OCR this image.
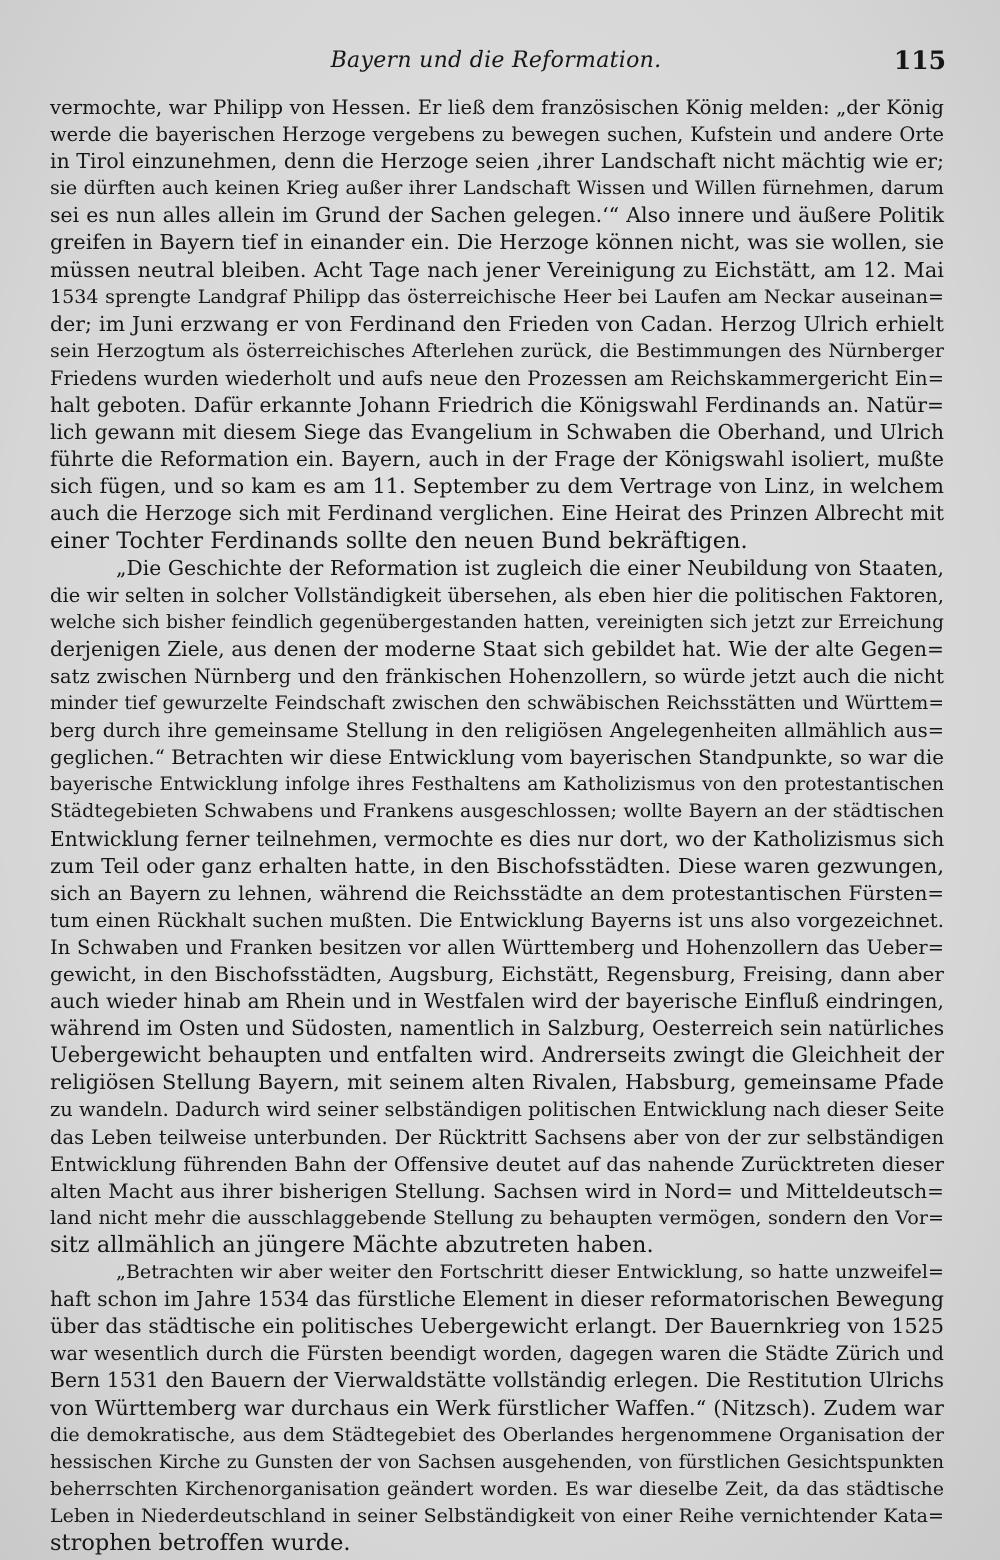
Bayern und die Reformation.	115
vermochte, war Philipp von Hessen. Er ließ dem französischen König melden: „der König
werde die bayerischen Herzoge vergebens zu bewegen suchen, Kufstein und andere Orte
in Tirol einzunehmen, denn die Herzoge seien ‚ihrer Landschaft nicht mächtig wie er;
sie dürften auch keinen Krieg außer ihrer Landschaft Wissen und Willen fürnehmen, darum
sei es nun alles allein im Grund der Sachen gelegen.‘“ Also innere und äußere Politik
greifen in Bayern tief in einander ein. Die Herzoge können nicht, was sie wollen, sie
müssen neutral bleiben. Acht Tage nach jener Vereinigung zu Eichstätt, am 12. Mai
1534 sprengte Landgraf Philipp das österreichische Heer bei Laufen am Neckar auseinan=
der; im Juni erzwang er von Ferdinand den Frieden von Cadan. Herzog Ulrich erhielt
sein Herzogtum als österreichisches Afterlehen zurück, die Bestimmungen des Nürnberger
Friedens wurden wiederholt und aufs neue den Prozessen am Reichskammergericht Ein=
halt geboten. Dafür erkannte Johann Friedrich die Königswahl Ferdinands an. Natür=
lich gewann mit diesem Siege das Evangelium in Schwaben die Oberhand, und Ulrich
führte die Reformation ein. Bayern, auch in der Frage der Königswahl isoliert, mußte
sich fügen, und so kam es am 11. September zu dem Vertrage von Linz, in welchem
auch die Herzoge sich mit Ferdinand verglichen. Eine Heirat des Prinzen Albrecht mit
einer Tochter Ferdinands sollte den neuen Bund bekräftigen.
„Die Geschichte der Reformation ist zugleich die einer Neubildung von Staaten,
die wir selten in solcher Vollständigkeit übersehen, als eben hier die politischen Faktoren,
welche sich bisher feindlich gegenübergestanden hatten, vereinigten sich jetzt zur Erreichung
derjenigen Ziele, aus denen der moderne Staat sich gebildet hat. Wie der alte Gegen=
satz zwischen Nürnberg und den fränkischen Hohenzollern, so würde jetzt auch die nicht
minder tief gewurzelte Feindschaft zwischen den schwäbischen Reichsstätten und Württem=
berg durch ihre gemeinsame Stellung in den religiösen Angelegenheiten allmählich aus=
geglichen.“ Betrachten wir diese Entwicklung vom bayerischen Standpunkte, so war die
bayerische Entwicklung infolge ihres Festhaltens am Katholizismus von den protestantischen
Städtegebieten Schwabens und Frankens ausgeschlossen; wollte Bayern an der städtischen
Entwicklung ferner teilnehmen, vermochte es dies nur dort, wo der Katholizismus sich
zum Teil oder ganz erhalten hatte, in den Bischofsstädten. Diese waren gezwungen,
sich an Bayern zu lehnen, während die Reichsstädte an dem protestantischen Fürsten=
tum einen Rückhalt suchen mußten. Die Entwicklung Bayerns ist uns also vorgezeichnet.
In Schwaben und Franken besitzen vor allen Württemberg und Hohenzollern das Ueber=
gewicht, in den Bischofsstädten, Augsburg, Eichstätt, Regensburg, Freising, dann aber
auch wieder hinab am Rhein und in Westfalen wird der bayerische Einfluß eindringen,
während im Osten und Südosten, namentlich in Salzburg, Oesterreich sein natürliches
Uebergewicht behaupten und entfalten wird. Andrerseits zwingt die Gleichheit der
religiösen Stellung Bayern, mit seinem alten Rivalen, Habsburg, gemeinsame Pfade
zu wandeln. Dadurch wird seiner selbständigen politischen Entwicklung nach dieser Seite
das Leben teilweise unterbunden. Der Rücktritt Sachsens aber von der zur selbständigen
Entwicklung führenden Bahn der Offensive deutet auf das nahende Zurücktreten dieser
alten Macht aus ihrer bisherigen Stellung. Sachsen wird in Nord= und Mitteldeutsch=
land nicht mehr die ausschlaggebende Stellung zu behaupten vermögen, sondern den Vor=
sitz allmählich an jüngere Mächte abzutreten haben.
„Betrachten wir aber weiter den Fortschritt dieser Entwicklung, so hatte unzweifel=
haft schon im Jahre 1534 das fürstliche Element in dieser reformatorischen Bewegung
über das städtische ein politisches Uebergewicht erlangt. Der Bauernkrieg von 1525
war wesentlich durch die Fürsten beendigt worden, dagegen waren die Städte Zürich und
Bern 1531 den Bauern der Vierwaldstätte vollständig erlegen. Die Restitution Ulrichs
von Württemberg war durchaus ein Werk fürstlicher Waffen.“ (Nitzsch). Zudem war
die demokratische, aus dem Städtegebiet des Oberlandes hergenommene Organisation der
hessischen Kirche zu Gunsten der von Sachsen ausgehenden, von fürstlichen Gesichtspunkten
beherrschten Kirchenorganisation geändert worden. Es war dieselbe Zeit, da das städtische
Leben in Niederdeutschland in seiner Selbständigkeit von einer Reihe vernichtender Kata=
strophen betroffen wurde.
